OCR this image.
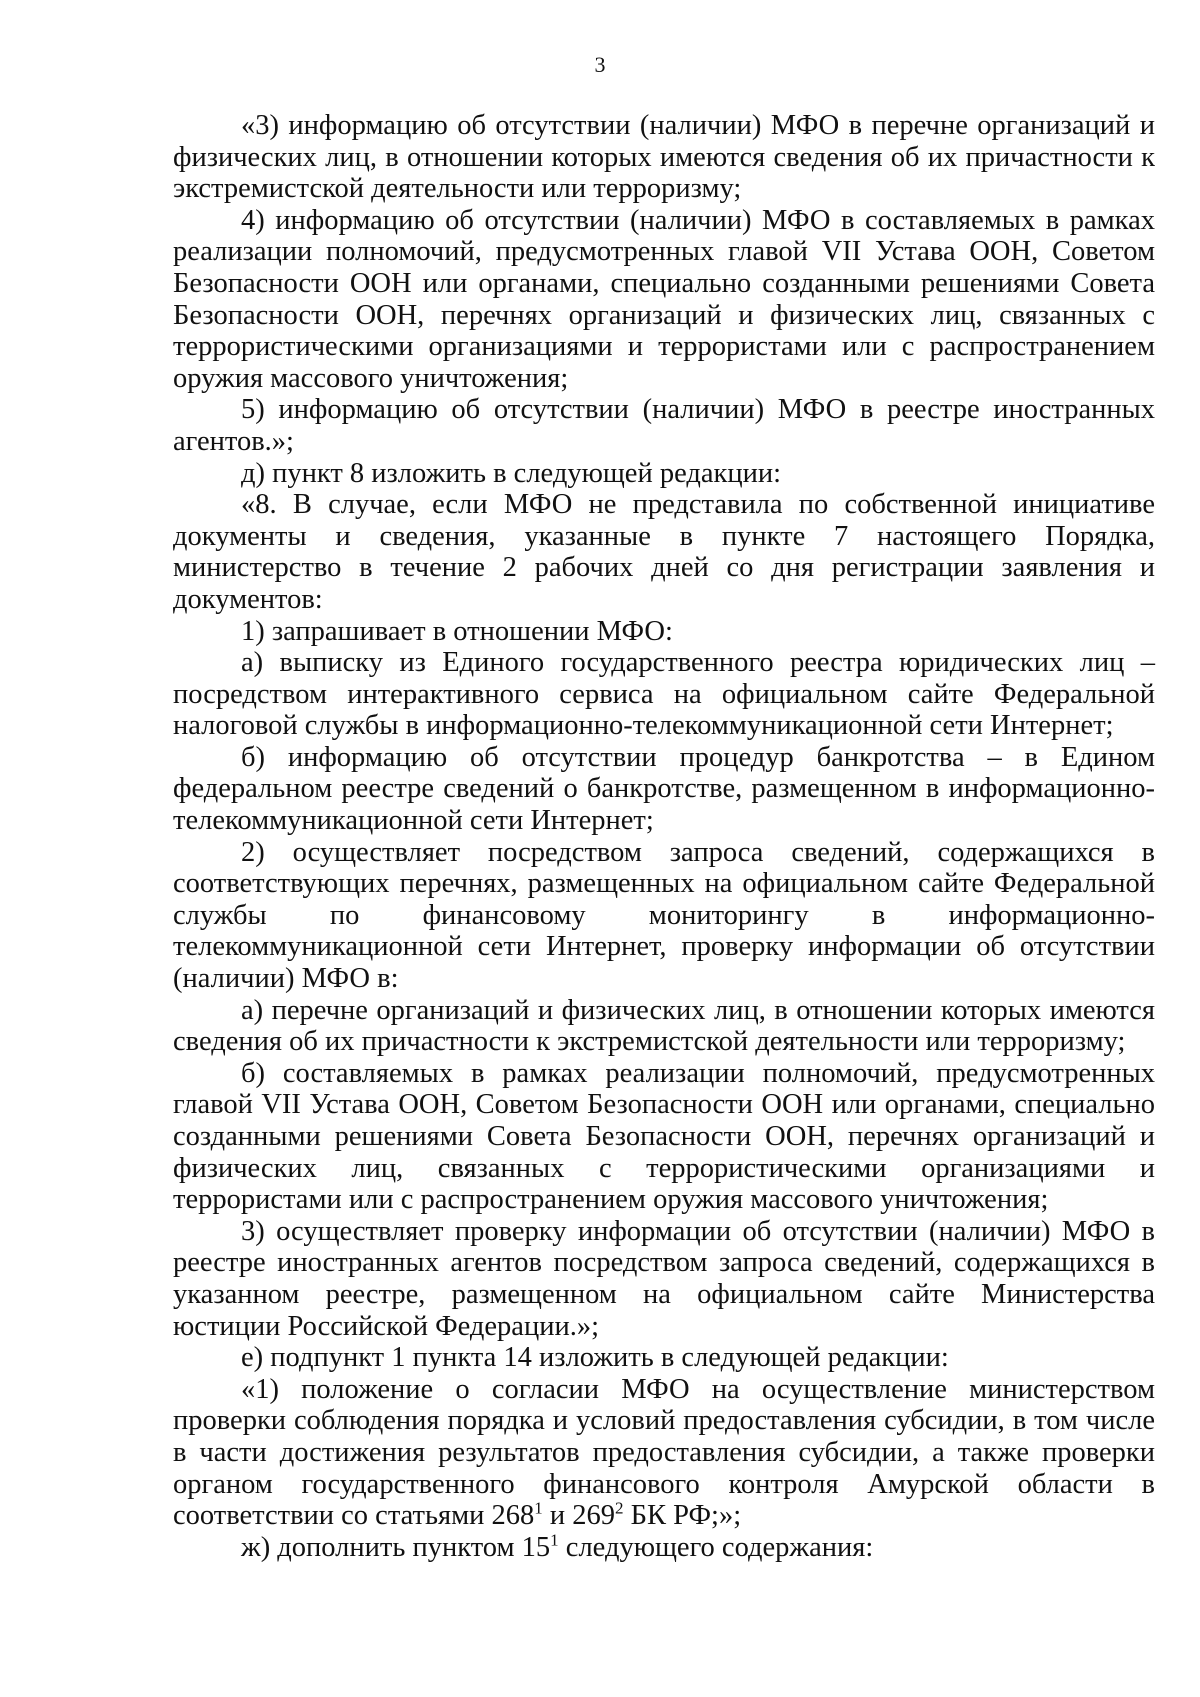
3

«3) информацию об отсутствии (наличии) МФО в перечне организаций и физических лиц, в отношении которых имеются сведения об их причастности к экстремистской деятельности или терроризму;

4) информацию об отсутствии (наличии) МФО в составляемых в рамках реализации полномочий, предусмотренных главой VII Устава ООН, Советом Безопасности ООН или органами, специально созданными решениями Совета Безопасности ООН, перечнях организаций и физических лиц, связанных с террористическими организациями и террористами или с распространением оружия массового уничтожения;

5) информацию об отсутствии (наличии) МФО в реестре иностранных агентов.»;

д) пункт 8 изложить в следующей редакции:

«8. В случае, если МФО не представила по собственной инициативе документы и сведения, указанные в пункте 7 настоящего Порядка, министерство в течение 2 рабочих дней со дня регистрации заявления и документов:

1) запрашивает в отношении МФО:

а) выписку из Единого государственного реестра юридических лиц – посредством интерактивного сервиса на официальном сайте Федеральной налоговой службы в информационно-телекоммуникационной сети Интернет;

б) информацию об отсутствии процедур банкротства – в Едином федеральном реестре сведений о банкротстве, размещенном в информационно-телекоммуникационной сети Интернет;

2) осуществляет посредством запроса сведений, содержащихся в соответствующих перечнях, размещенных на официальном сайте Федеральной службы по финансовому мониторингу в информационно-телекоммуникационной сети Интернет, проверку информации об отсутствии (наличии) МФО в:

а) перечне организаций и физических лиц, в отношении которых имеются сведения об их причастности к экстремистской деятельности или терроризму;

б) составляемых в рамках реализации полномочий, предусмотренных главой VII Устава ООН, Советом Безопасности ООН или органами, специально созданными решениями Совета Безопасности ООН, перечнях организаций и физических лиц, связанных с террористическими организациями и террористами или с распространением оружия массового уничтожения;

3) осуществляет проверку информации об отсутствии (наличии) МФО в реестре иностранных агентов посредством запроса сведений, содержащихся в указанном реестре, размещенном на официальном сайте Министерства юстиции Российской Федерации.»;

е) подпункт 1 пункта 14 изложить в следующей редакции:

«1) положение о согласии МФО на осуществление министерством проверки соблюдения порядка и условий предоставления субсидии, в том числе в части достижения результатов предоставления субсидии, а также проверки органом государственного финансового контроля Амурской области в соответствии со статьями $268^1$ и $269^2$ БК РФ;»;

ж) дополнить пунктом $15^1$ следующего содержания:
